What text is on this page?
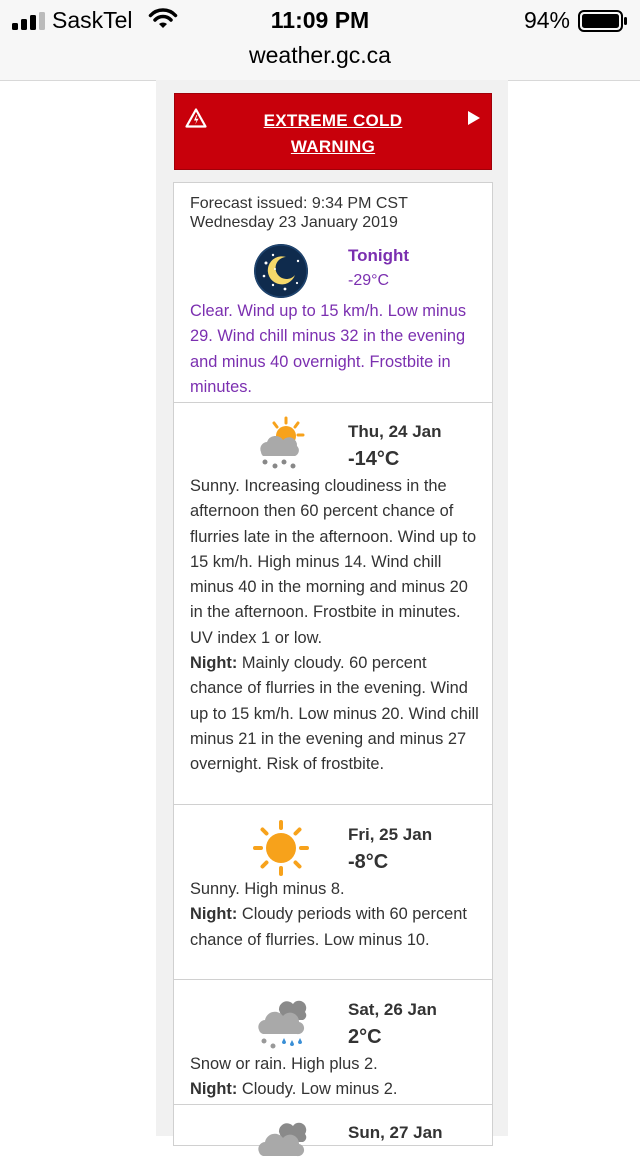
SaskTel	11:09 PM	94%
weather.gc.ca
EXTREME COLD
WARNING
Forecast issued: 9:34 PM CST
Wednesday 23 January 2019
Tonight
-29°C
Clear. Wind up to 15 km/h. Low minus 29. Wind chill minus 32 in the evening and minus 40 overnight. Frostbite in minutes.
Thu, 24 Jan
-14°C
Sunny. Increasing cloudiness in the afternoon then 60 percent chance of flurries late in the afternoon. Wind up to 15 km/h. High minus 14. Wind chill minus 40 in the morning and minus 20 in the afternoon. Frostbite in minutes. UV index 1 or low.
Night: Mainly cloudy. 60 percent chance of flurries in the evening. Wind up to 15 km/h. Low minus 20. Wind chill minus 21 in the evening and minus 27 overnight. Risk of frostbite.
Fri, 25 Jan
-8°C
Sunny. High minus 8.
Night: Cloudy periods with 60 percent chance of flurries. Low minus 10.
Sat, 26 Jan
2°C
Snow or rain. High plus 2.
Night: Cloudy. Low minus 2.
Sun, 27 Jan
